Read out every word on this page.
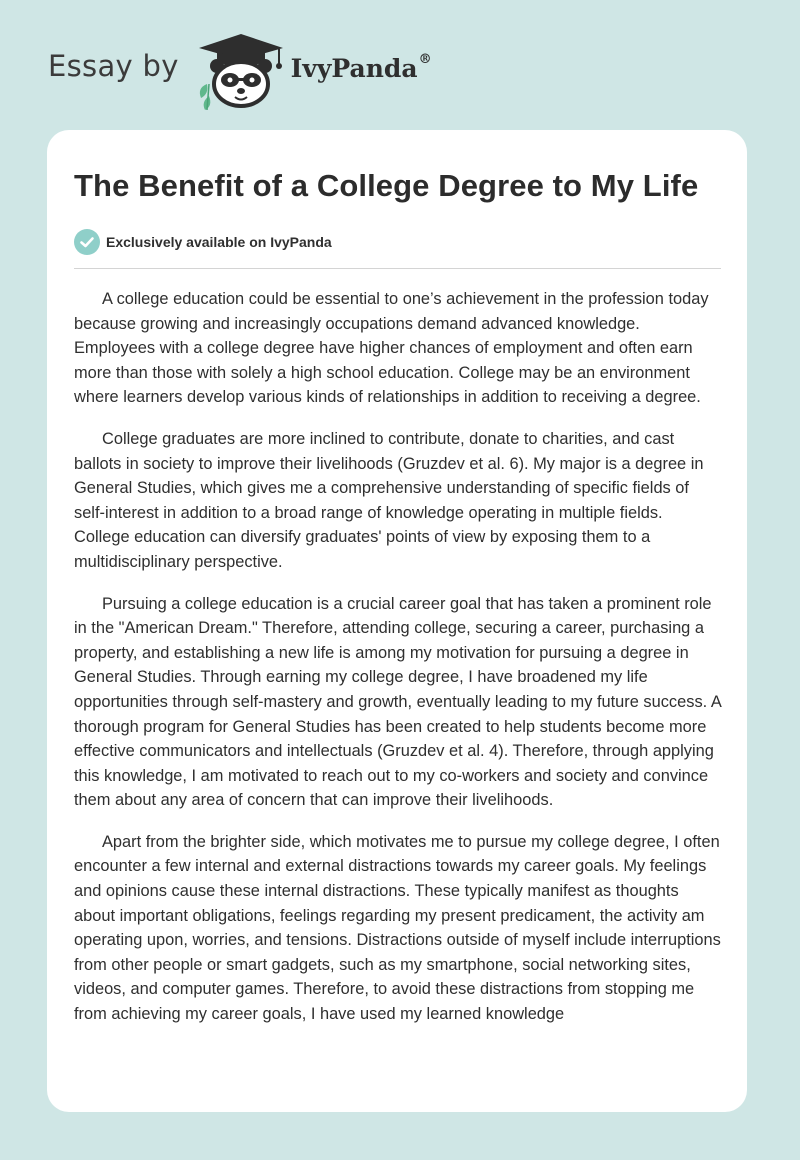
Essay by	IvyPanda®
The Benefit of a College Degree to My Life
Exclusively available on IvyPanda

A college education could be essential to one’s achievement in the profession today because growing and increasingly occupations demand advanced knowledge. Employees with a college degree have higher chances of employment and often earn more than those with solely a high school education. College may be an environment where learners develop various kinds of relationships in addition to receiving a degree.

College graduates are more inclined to contribute, donate to charities, and cast ballots in society to improve their livelihoods (Gruzdev et al. 6). My major is a degree in General Studies, which gives me a comprehensive understanding of specific fields of self-interest in addition to a broad range of knowledge operating in multiple fields. College education can diversify graduates' points of view by exposing them to a multidisciplinary perspective.

Pursuing a college education is a crucial career goal that has taken a prominent role in the "American Dream." Therefore, attending college, securing a career, purchasing a property, and establishing a new life is among my motivation for pursuing a degree in General Studies. Through earning my college degree, I have broadened my life opportunities through self-mastery and growth, eventually leading to my future success. A thorough program for General Studies has been created to help students become more effective communicators and intellectuals (Gruzdev et al. 4). Therefore, through applying this knowledge, I am motivated to reach out to my co-workers and society and convince them about any area of concern that can improve their livelihoods.

Apart from the brighter side, which motivates me to pursue my college degree, I often encounter a few internal and external distractions towards my career goals. My feelings and opinions cause these internal distractions. These typically manifest as thoughts about important obligations, feelings regarding my present predicament, the activity am operating upon, worries, and tensions. Distractions outside of myself include interruptions from other people or smart gadgets, such as my smartphone, social networking sites, videos, and computer games. Therefore, to avoid these distractions from stopping me from achieving my career goals, I have used my learned knowledge
